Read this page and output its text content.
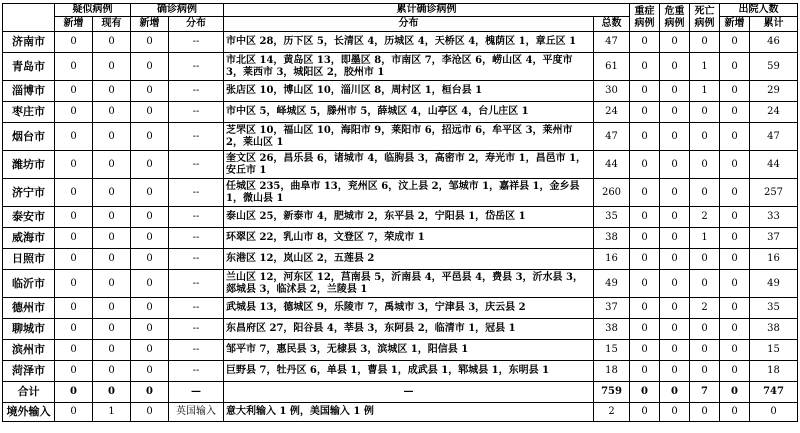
	疑似病例		确诊病例		累计确诊病例		重症病例	危重病例	死亡病例	出院人数	
	新增	现有	新增	分布	分布	总数				新增	累计
济南市	0	0	0	--	市中区 28，历下区 5，长清区 4，历城区 4，天桥区 4，槐荫区 1，章丘区 1	47	0	0	0	0	46
青岛市	0	0	0	--	市北区 14，黄岛区 13，即墨区 8，市南区 7，李沧区 6，崂山区 4，平度市 3，莱西市 3，城阳区 2，胶州市 1	61	0	0	1	0	59
淄博市	0	0	0	--	张店区 10，博山区 10，淄川区 8，周村区 1，桓台县 1	30	0	0	1	0	29
枣庄市	0	0	0	--	市中区 5，峄城区 5，滕州市 5，薛城区 4，山亭区 4，台儿庄区 1	24	0	0	0	0	24
烟台市	0	0	0	--	芝罘区 10，福山区 10，海阳市 9，莱阳市 6，招远市 6，牟平区 3，莱州市 2，莱山区 1	47	0	0	0	0	47
潍坊市	0	0	0	--	奎文区 26，昌乐县 6，诸城市 4，临朐县 3，高密市 2，寿光市 1，昌邑市 1，安丘市 1	44	0	0	0	0	44
济宁市	0	0	0	--	任城区 235，曲阜市 13，兖州区 6，汶上县 2，邹城市 1，嘉祥县 1，金乡县 1，微山县 1	260	0	0	0	0	257
泰安市	0	0	0	--	泰山区 25，新泰市 4，肥城市 2，东平县 2，宁阳县 1，岱岳区 1	35	0	0	2	0	33
威海市	0	0	0	--	环翠区 22，乳山市 8，文登区 7，荣成市 1	38	0	0	1	0	37
日照市	0	0	0	--	东港区 12，岚山区 2，五莲县 2	16	0	0	0	0	16
临沂市	0	0	0	--	兰山区 12，河东区 12，莒南县 5，沂南县 4，平邑县 4，费县 3，沂水县 3，郯城县 3，临沭县 2，兰陵县 1	49	0	0	0	0	49
德州市	0	0	0	--	武城县 13，德城区 9，乐陵市 7，禹城市 3，宁津县 3，庆云县 2	37	0	0	2	0	35
聊城市	0	0	0	--	东昌府区 27，阳谷县 4，莘县 3，东阿县 2，临清市 1，冠县 1	38	0	0	0	0	38
滨州市	0	0	0	--	邹平市 7，惠民县 3，无棣县 3，滨城区 1，阳信县 1	15	0	0	0	0	15
菏泽市	0	0	0	--	巨野县 7，牡丹区 6，单县 1，曹县 1，成武县 1，郓城县 1，东明县 1	18	0	0	0	0	18
合计	0	0	0	—	—	759	0	0	7	0	747
境外输入	0	1	0	英国输入	意大利输入 1 例，美国输入 1 例	2	0	0	0	0	0
